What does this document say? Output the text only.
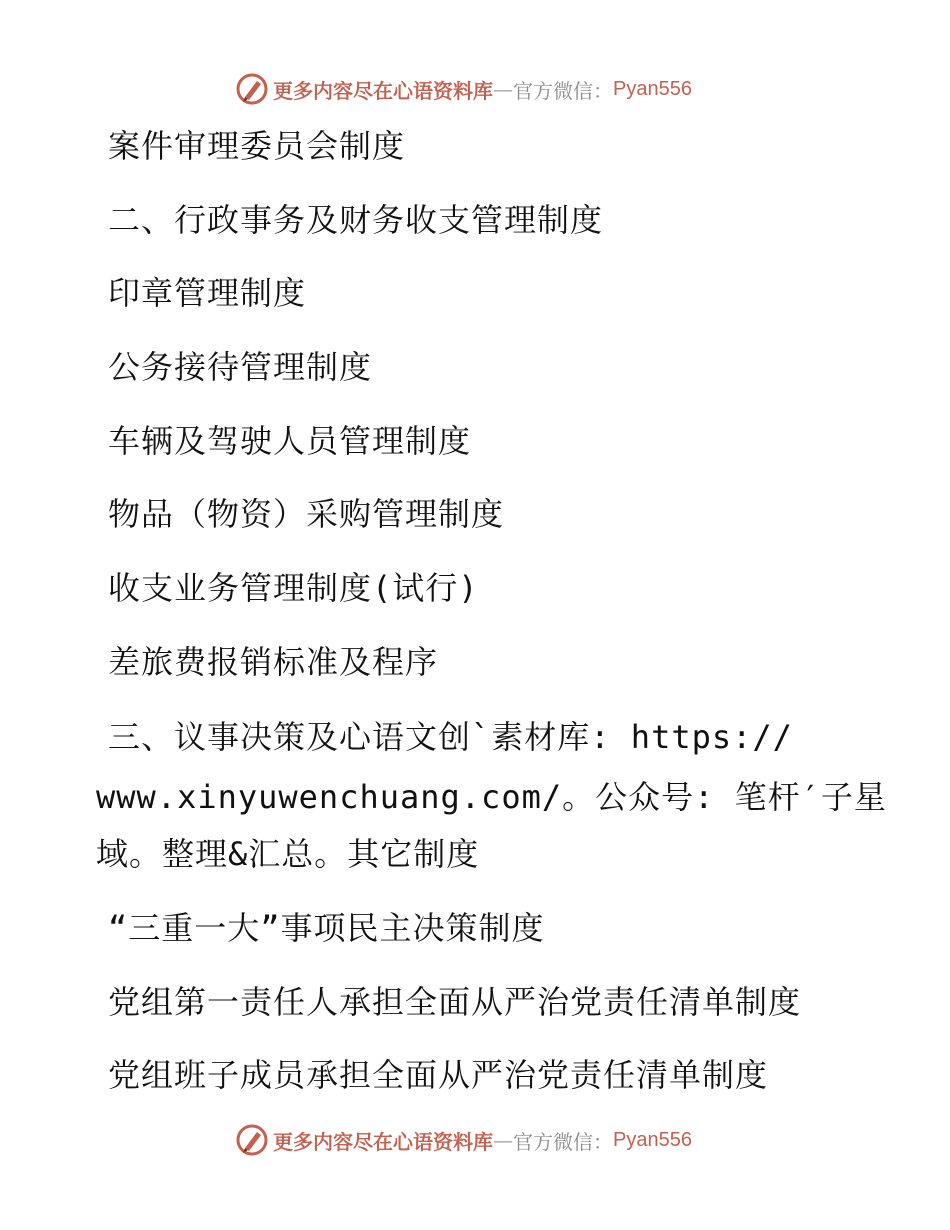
更多内容尽在心语资料库 — 官方微信： Pyan556
案件审理委员会制度
二、行政事务及财务收支管理制度
印章管理制度
公务接待管理制度
车辆及驾驶人员管理制度
物品（物资）采购管理制度
收支业务管理制度(试行)
差旅费报销标准及程序
三、议事决策及心语文创`素材库: https://
www.xinyuwenchuang.com/。公众号: 笔杆′子星
域。整理&汇总。其它制度
“三重一大”事项民主决策制度
党组第一责任人承担全面从严治党责任清单制度
党组班子成员承担全面从严治党责任清单制度
更多内容尽在心语资料库 — 官方微信： Pyan556
